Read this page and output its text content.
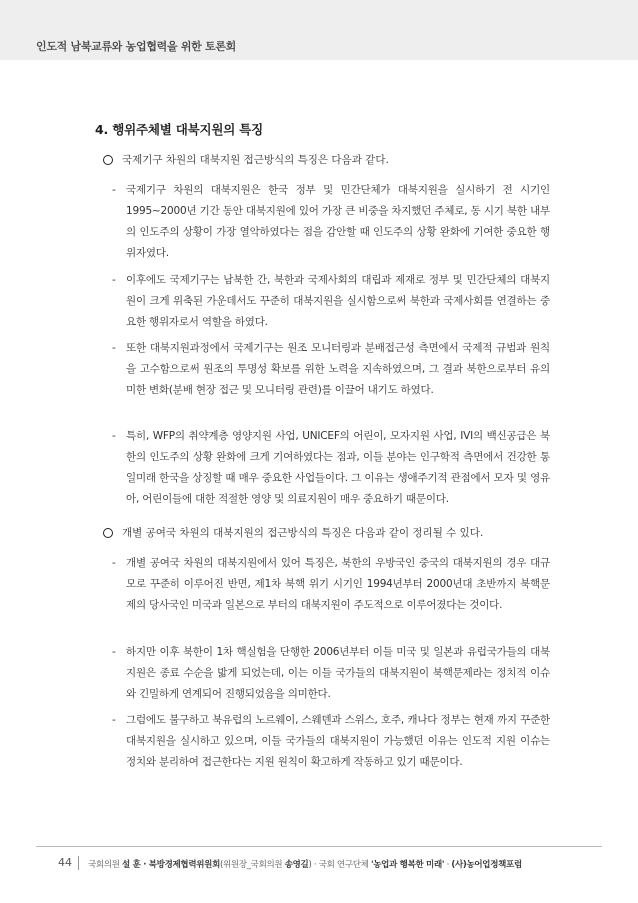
인도적 남북교류와 농업협력을 위한 토론회
4. 행위주체별 대북지원의 특징
국제기구 차원의 대북지원 접근방식의 특징은 다음과 같다.
- 국제기구 차원의 대북지원은 한국 정부 및 민간단체가 대북지원을 실시하기 전 시기인 1995~2000년 기간 동안 대북지원에 있어 가장 큰 비중을 차지했던 주체로, 동 시기 북한 내부의 인도주의 상황이 가장 열악하였다는 점을 감안할 때 인도주의 상황 완화에 기여한 중요한 행위자였다.
- 이후에도 국제기구는 남북한 간, 북한과 국제사회의 대립과 제재로 정부 및 민간단체의 대북지원이 크게 위축된 가운데서도 꾸준히 대북지원을 실시함으로써 북한과 국제사회를 연결하는 중요한 행위자로서 역할을 하였다.
- 또한 대북지원과정에서 국제기구는 원조 모니터링과 분배접근성 측면에서 국제적 규범과 원칙을 고수함으로써 원조의 투명성 확보를 위한 노력을 지속하였으며, 그 결과 북한으로부터 유의미한 변화(분배 현장 접근 및 모니터링 관련)를 이끌어 내기도 하였다.
- 특히, WFP의 취약계층 영양지원 사업, UNICEF의 어린이, 모자지원 사업, IVI의 백신공급은 북한의 인도주의 상황 완화에 크게 기여하였다는 점과, 이들 분야는 인구학적 측면에서 건강한 통일미래 한국을 상징할 때 매우 중요한 사업들이다. 그 이유는 생애주기적 관점에서 모자 및 영유아, 어린이들에 대한 적절한 영양 및 의료지원이 매우 중요하기 때문이다.
개별 공여국 차원의 대북지원의 접근방식의 특징은 다음과 같이 정리될 수 있다.
- 개별 공여국 차원의 대북지원에서 있어 특징은, 북한의 우방국인 중국의 대북지원의 경우 대규모로 꾸준히 이루어진 반면, 제1차 북핵 위기 시기인 1994년부터 2000년대 초반까지 북핵문제의 당사국인 미국과 일본으로 부터의 대북지원이 주도적으로 이루어졌다는 것이다.
- 하지만 이후 북한이 1차 핵실험을 단행한 2006년부터 이들 미국 및 일본과 유럽국가들의 대북지원은 종료 수순을 밟게 되었는데, 이는 이들 국가들의 대북지원이 북핵문제라는 정치적 이슈와 긴밀하게 연계되어 진행되었음을 의미한다.
- 그럼에도 불구하고 북유럽의 노르웨이, 스웨덴과 스위스, 호주, 캐나다 정부는 현재 까지 꾸준한 대북지원을 실시하고 있으며, 이들 국가들의 대북지원이 가능했던 이유는 인도적 지원 이슈는 정치와 분리하여 접근한다는 지원 원칙이 확고하게 작동하고 있기 때문이다.
44 국회의원 설 훈 · 북방경제협력위원회(위원장_국회의원 송영길) · 국회 연구단체 '농업과 행복한 미래' · (사)농어업정책포럼
